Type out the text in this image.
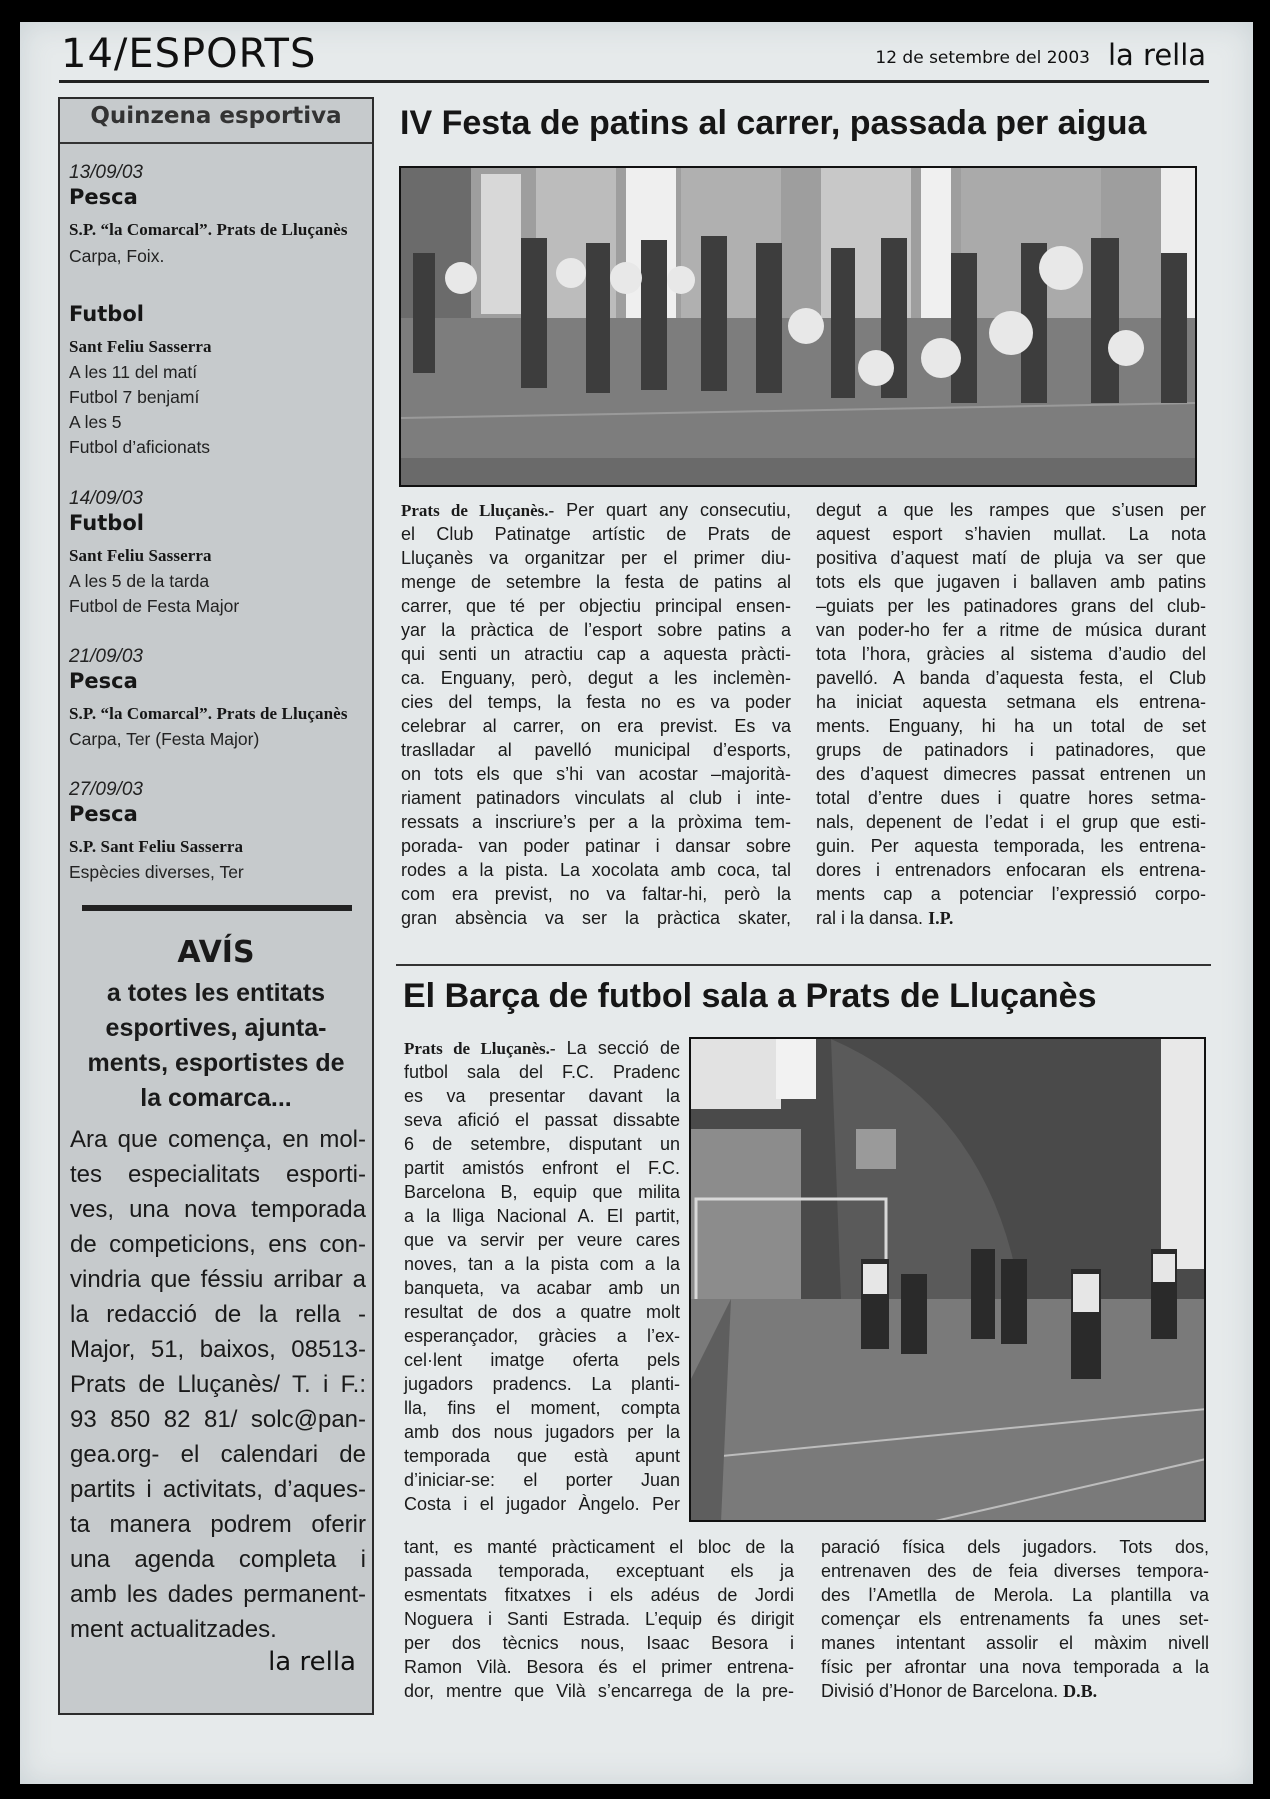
14/ESPORTS	12 de setembre del 2003 la rella
Quinzena esportiva
13/09/03
Pesca
S.P. “la Comarcal”. Prats de Lluçanès
Carpa, Foix.
Futbol
Sant Feliu Sasserra
A les 11 del matí
Futbol 7 benjamí
A les 5
Futbol d’aficionats
14/09/03
Futbol
Sant Feliu Sasserra
A les 5 de la tarda
Futbol de Festa Major
21/09/03
Pesca
S.P. “la Comarcal”. Prats de Lluçanès
Carpa, Ter (Festa Major)
27/09/03
Pesca
S.P. Sant Feliu Sasserra
Espècies diverses, Ter
AVÍS
a totes les entitats
esportives, ajunta-
ments, esportistes de
la comarca...
Ara que comença, en mol-
tes especialitats esporti-
ves, una nova temporada
de competicions, ens con-
vindria que féssiu arribar a
la redacció de la rella -
Major, 51, baixos, 08513-
Prats de Lluçanès/ T. i F.:
93 850 82 81/ solc@pan-
gea.org- el calendari de
partits i activitats, d’aques-
ta manera podrem oferir
una agenda completa i
amb les dades permanent-
ment actualitzades.
la rella
IV Festa de patins al carrer, passada per aigua
Prats de Lluçanès.- Per quart any consecutiu,
el Club Patinatge artístic de Prats de
Lluçanès va organitzar per el primer diu-
menge de setembre la festa de patins al
carrer, que té per objectiu principal ensen-
yar la pràctica de l’esport sobre patins a
qui senti un atractiu cap a aquesta pràcti-
ca. Enguany, però, degut a les inclemèn-
cies del temps, la festa no es va poder
celebrar al carrer, on era previst. Es va
traslladar al pavelló municipal d’esports,
on tots els que s’hi van acostar –majorità-
riament patinadors vinculats al club i inte-
ressats a inscriure’s per a la pròxima tem-
porada- van poder patinar i dansar sobre
rodes a la pista. La xocolata amb coca, tal
com era previst, no va faltar-hi, però la
gran absència va ser la pràctica skater,
degut a que les rampes que s’usen per
aquest esport s’havien mullat. La nota
positiva d’aquest matí de pluja va ser que
tots els que jugaven i ballaven amb patins
–guiats per les patinadores grans del club-
van poder-ho fer a ritme de música durant
tota l’hora, gràcies al sistema d’audio del
pavelló. A banda d’aquesta festa, el Club
ha iniciat aquesta setmana els entrena-
ments. Enguany, hi ha un total de set
grups de patinadors i patinadores, que
des d’aquest dimecres passat entrenen un
total d’entre dues i quatre hores setma-
nals, depenent de l’edat i el grup que esti-
guin. Per aquesta temporada, les entrena-
dores i entrenadors enfocaran els entrena-
ments cap a potenciar l’expressió corpo-
ral i la dansa. I.P.
El Barça de futbol sala a Prats de Lluçanès
Prats de Lluçanès.- La secció de
futbol sala del F.C. Pradenc
es va presentar davant la
seva afició el passat dissabte
6 de setembre, disputant un
partit amistós enfront el F.C.
Barcelona B, equip que milita
a la lliga Nacional A. El partit,
que va servir per veure cares
noves, tan a la pista com a la
banqueta, va acabar amb un
resultat de dos a quatre molt
esperançador, gràcies a l’ex-
cel·lent imatge oferta pels
jugadors pradencs. La planti-
lla, fins el moment, compta
amb dos nous jugadors per la
temporada que està apunt
d’iniciar-se: el porter Juan
Costa i el jugador Àngelo. Per
tant, es manté pràcticament el bloc de la
passada temporada, exceptuant els ja
esmentats fitxatxes i els adéus de Jordi
Noguera i Santi Estrada. L’equip és dirigit
per dos tècnics nous, Isaac Besora i
Ramon Vilà. Besora és el primer entrena-
dor, mentre que Vilà s’encarrega de la pre-
paració física dels jugadors. Tots dos,
entrenaven des de feia diverses tempora-
des l’Ametlla de Merola. La plantilla va
començar els entrenaments fa unes set-
manes intentant assolir el màxim nivell
físic per afrontar una nova temporada a la
Divisió d’Honor de Barcelona. D.B.
